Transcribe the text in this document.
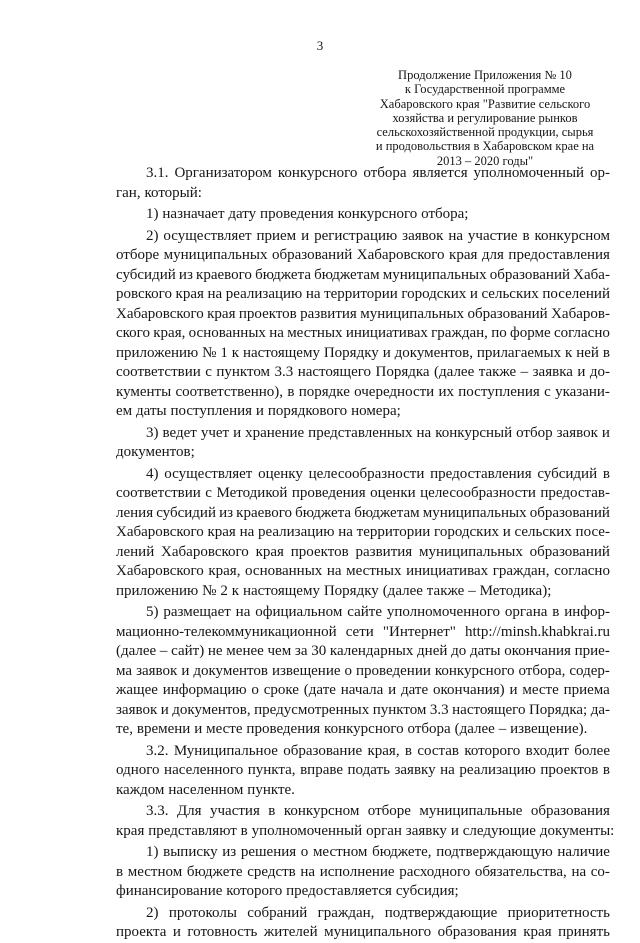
3
Продолжение Приложения № 10
к Государственной программе
Хабаровского края "Развитие сельского
хозяйства и регулирование рынков
сельскохозяйственной продукции, сырья
и продовольствия в Хабаровском крае на
2013 – 2020 годы"
3.1. Организатором конкурсного отбора является уполномоченный ор-
ган, который:
1) назначает дату проведения конкурсного отбора;
2) осуществляет прием и регистрацию заявок на участие в конкурсном
отборе муниципальных образований Хабаровского края для предоставления
субсидий из краевого бюджета бюджетам муниципальных образований Хаба-
ровского края на реализацию на территории городских и сельских поселений
Хабаровского края проектов развития муниципальных образований Хабаров-
ского края, основанных на местных инициативах граждан, по форме согласно
приложению № 1 к настоящему Порядку и документов, прилагаемых к ней в
соответствии с пунктом 3.3 настоящего Порядка (далее также – заявка и до-
кументы соответственно), в порядке очередности их поступления с указани-
ем даты поступления и порядкового номера;
3) ведет учет и хранение представленных на конкурсный отбор заявок и
документов;
4) осуществляет оценку целесообразности предоставления субсидий в
соответствии с Методикой проведения оценки целесообразности предостав-
ления субсидий из краевого бюджета бюджетам муниципальных образований
Хабаровского края на реализацию на территории городских и сельских посе-
лений Хабаровского края проектов развития муниципальных образований
Хабаровского края, основанных на местных инициативах граждан, согласно
приложению № 2 к настоящему Порядку (далее также – Методика);
5) размещает на официальном сайте уполномоченного органа в инфор-
мационно-телекоммуникационной сети "Интернет" http://minsh.khabkrai.ru
(далее – сайт) не менее чем за 30 календарных дней до даты окончания прие-
ма заявок и документов извещение о проведении конкурсного отбора, содер-
жащее информацию о сроке (дате начала и дате окончания) и месте приема
заявок и документов, предусмотренных пунктом 3.3 настоящего Порядка; да-
те, времени и месте проведения конкурсного отбора (далее – извещение).
3.2. Муниципальное образование края, в состав которого входит более
одного населенного пункта, вправе подать заявку на реализацию проектов в
каждом населенном пункте.
3.3. Для участия в конкурсном отборе муниципальные образования
края представляют в уполномоченный орган заявку и следующие документы:
1) выписку из решения о местном бюджете, подтверждающую наличие
в местном бюджете средств на исполнение расходного обязательства, на со-
финансирование которого предоставляется субсидия;
2) протоколы собраний граждан, подтверждающие приоритетность
проекта и готовность жителей муниципального образования края принять
